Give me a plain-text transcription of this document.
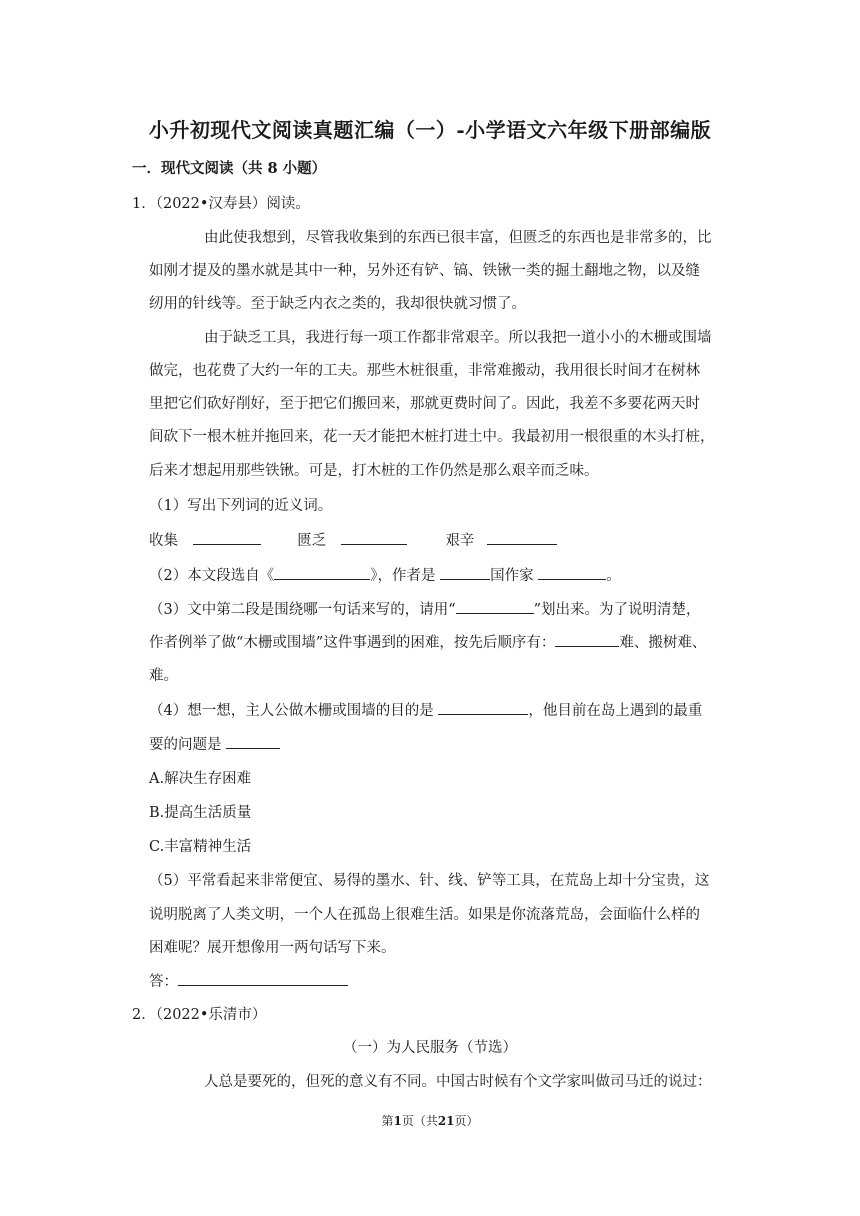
小升初现代文阅读真题汇编（一）-小学语文六年级下册部编版
一．现代文阅读（共 8 小题）
1．（2022•汉寿县）阅读。
由此使我想到，尽管我收集到的东西已很丰富，但匮乏的东西也是非常多的，比
如刚才提及的墨水就是其中一种，另外还有铲、镐、铁锹一类的掘土翻地之物，以及缝
纫用的针线等。至于缺乏内衣之类的，我却很快就习惯了。
由于缺乏工具，我进行每一项工作都非常艰辛。所以我把一道小小的木栅或围墙
做完，也花费了大约一年的工夫。那些木桩很重，非常难搬动，我用很长时间才在树林
里把它们砍好削好，至于把它们搬回来，那就更费时间了。因此，我差不多要花两天时
间砍下一根木桩并拖回来，花一天才能把木桩打进土中。我最初用一根很重的木头打桩，
后来才想起用那些铁锹。可是，打木桩的工作仍然是那么艰辛而乏味。
（1）写出下列词的近义词。
收集	匮乏	艰辛
（2）本文段选自《	》，作者是	国作家	。
（3）文中第二段是围绕哪一句话来写的，请用“	”划出来。为了说明清楚，
作者例举了做“木栅或围墙”这件事遇到的困难，按先后顺序有：	难、搬树难、
难。
（4）想一想，主人公做木栅或围墙的目的是	，他目前在岛上遇到的最重
要的问题是
A.解决生存困难
B.提高生活质量
C.丰富精神生活
（5）平常看起来非常便宜、易得的墨水、针、线、铲等工具，在荒岛上却十分宝贵，这
说明脱离了人类文明，一个人在孤岛上很难生活。如果是你流落荒岛，会面临什么样的
困难呢？展开想像用一两句话写下来。
答：
2．（2022•乐清市）
（一）为人民服务（节选）
人总是要死的，但死的意义有不同。中国古时候有个文学家叫做司马迁的说过：
第1页（共21页）
